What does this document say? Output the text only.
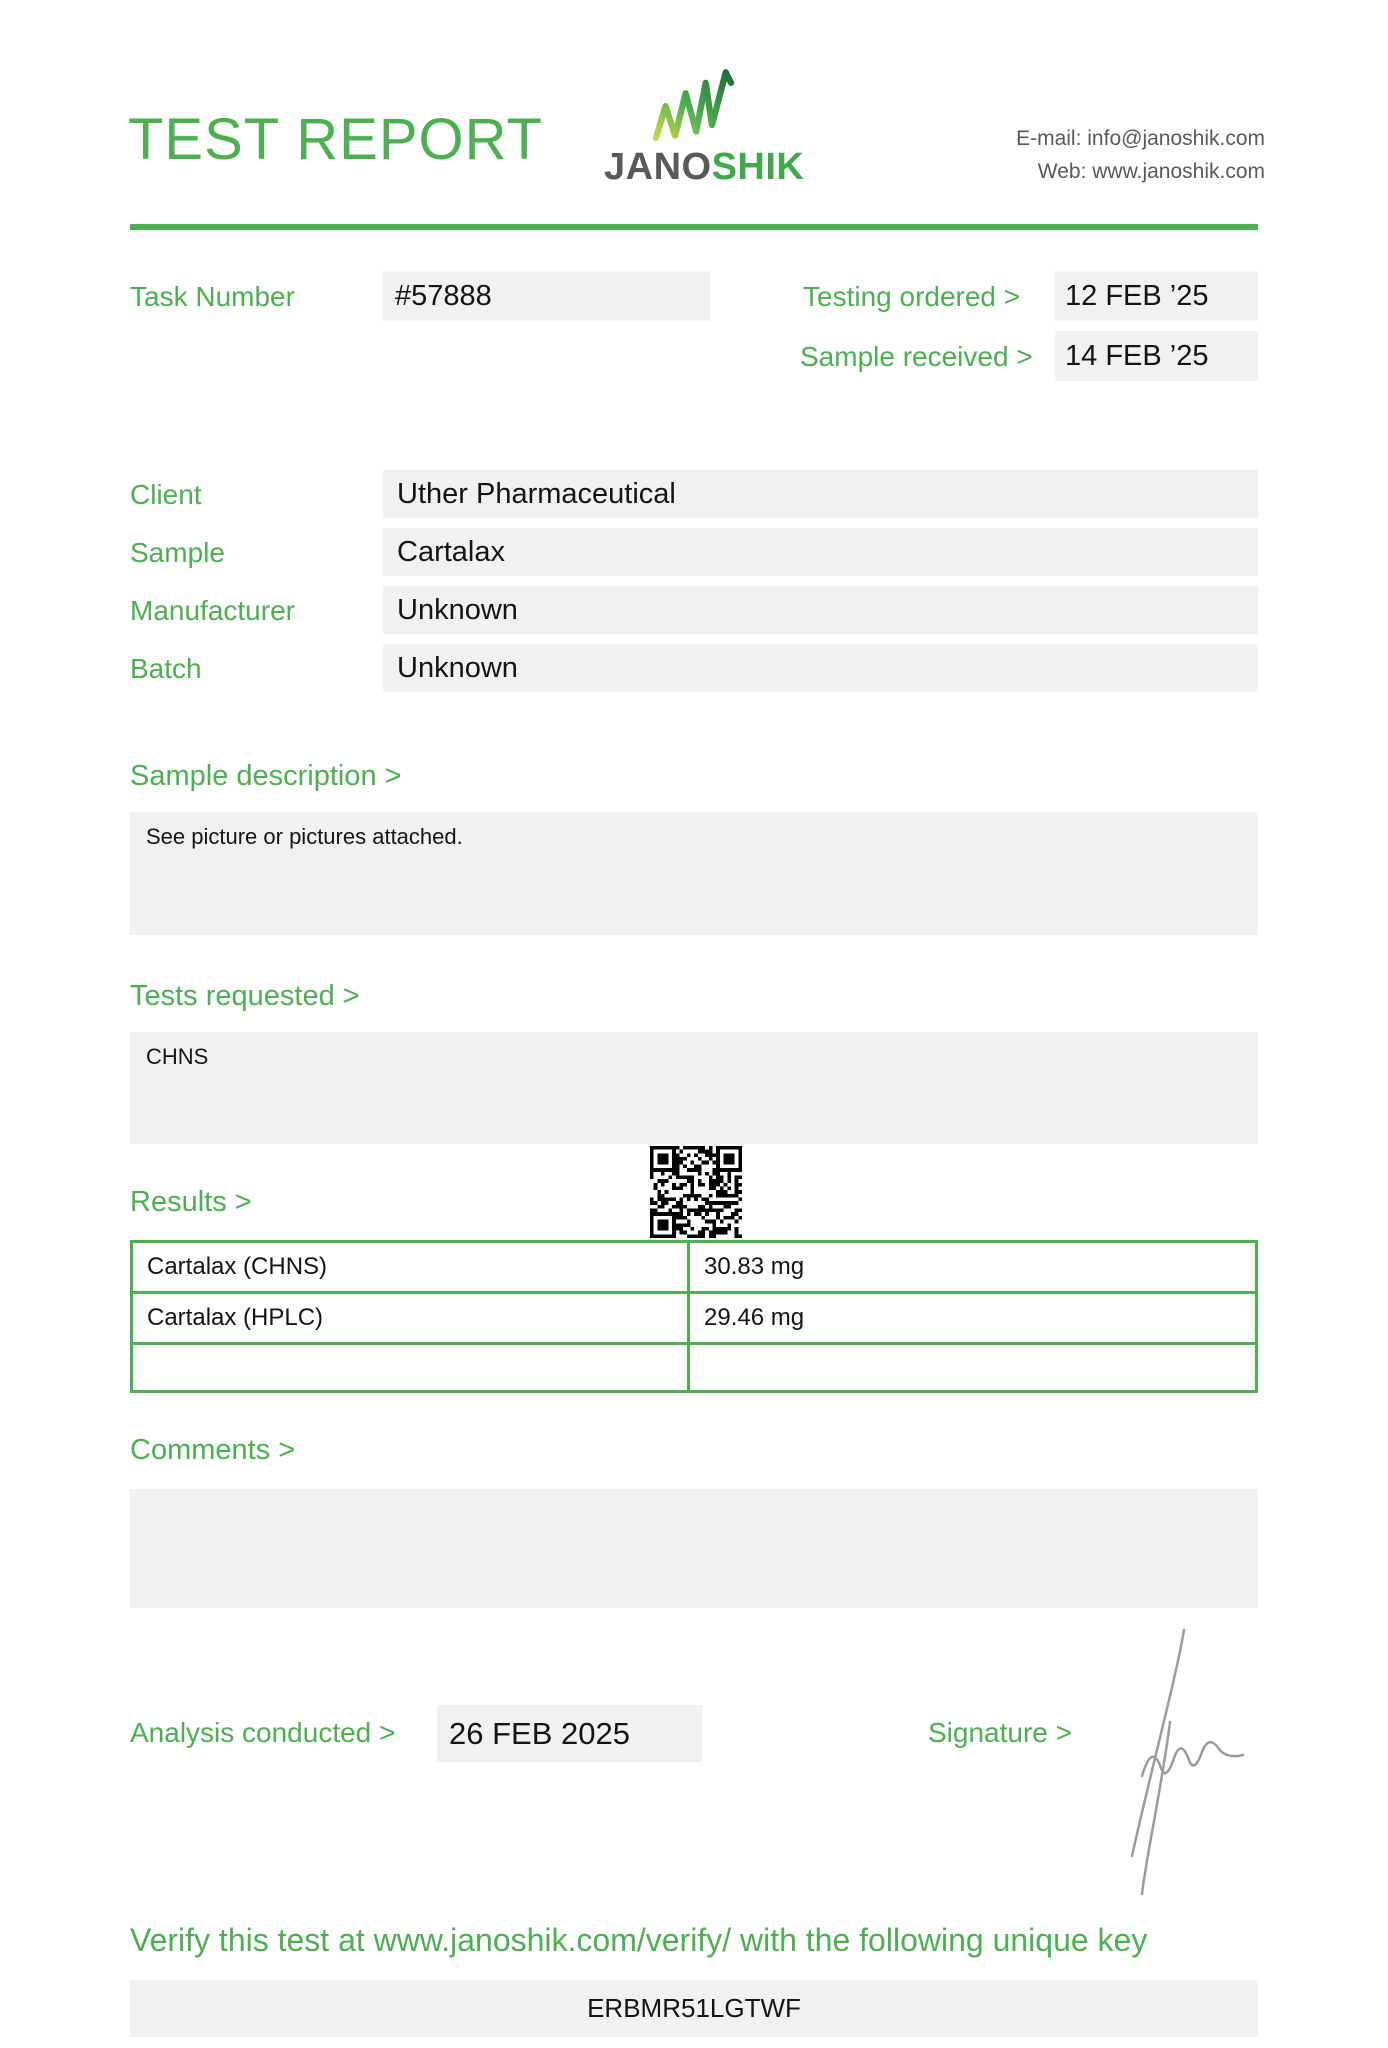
TEST REPORT JANOSHIK
E-mail: info@janoshik.com
Web: www.janoshik.com
Task Number	#57888	Testing ordered >	12 FEB ’25
Sample received >	14 FEB ’25
Client	Uther Pharmaceutical
Sample	Cartalax
Manufacturer	Unknown
Batch	Unknown
Sample description >
See picture or pictures attached.
Tests requested >
CHNS
Results >
Cartalax (CHNS)	30.83 mg
Cartalax (HPLC)	29.46 mg
Comments >
Analysis conducted >	26 FEB 2025	Signature >
Verify this test at www.janoshik.com/verify/ with the following unique key
ERBMR51LGTWF
